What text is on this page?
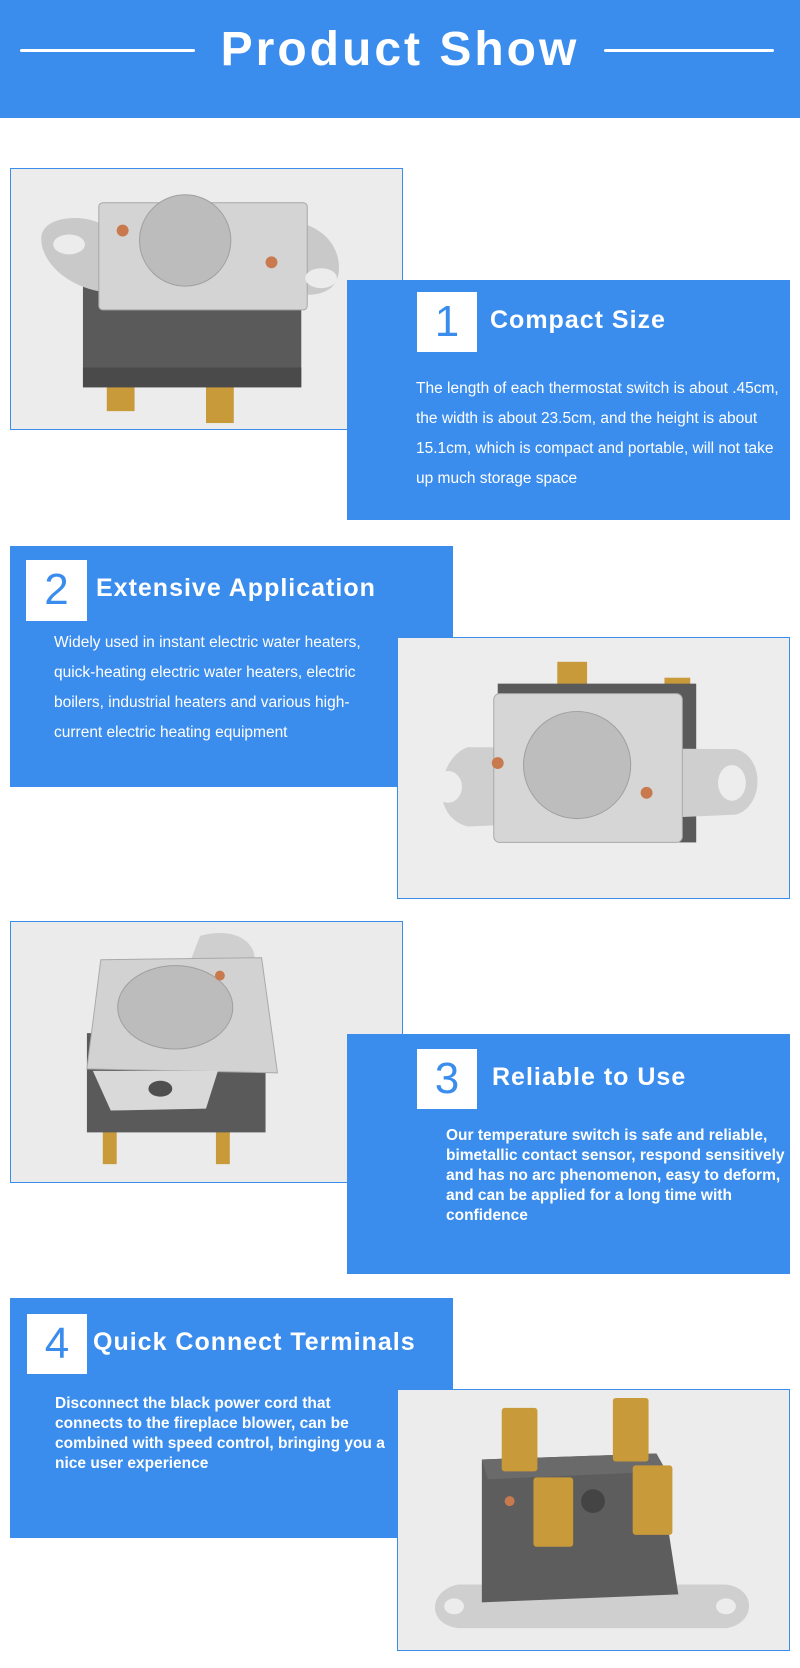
Product Show
1	Compact Size
The length of each thermostat switch is about .45cm, the width is about 23.5cm, and the height is about 15.1cm, which is compact and portable, will not take up much storage space
2	Extensive Application
Widely used in instant electric water heaters, quick-heating electric water heaters, electric boilers, industrial heaters and various high-current electric heating equipment
3	Reliable to Use
Our temperature switch is safe and reliable, bimetallic contact sensor, respond sensitively and has no arc phenomenon, easy to deform, and can be applied for a long time with confidence
4 Quick Connect Terminals
Disconnect the black power cord that connects to the fireplace blower, can be combined with speed control, bringing you a nice user experience
